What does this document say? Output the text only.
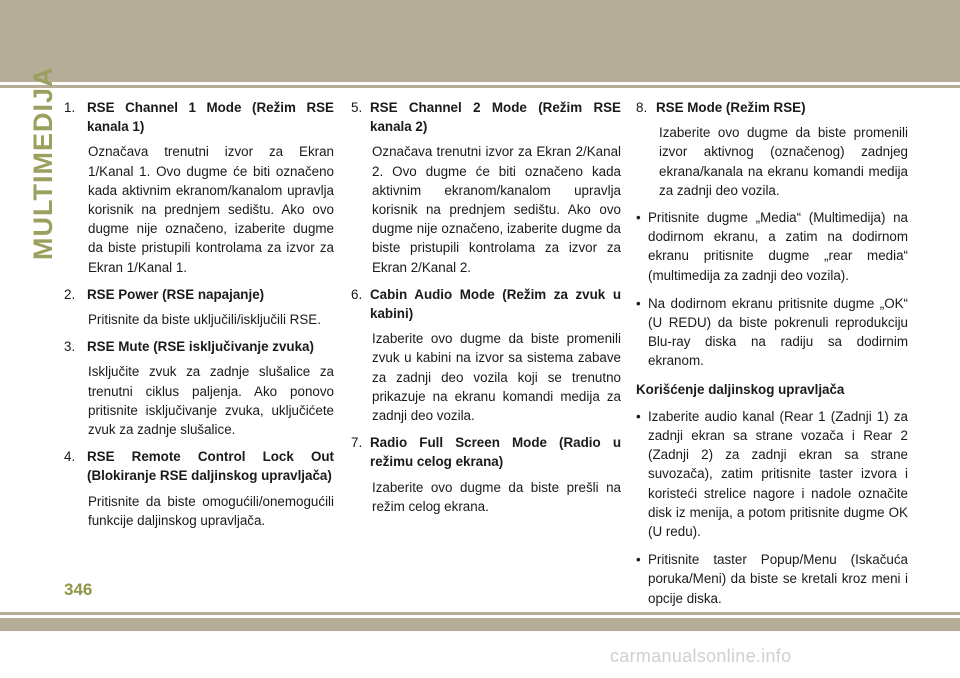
MULTIMEDIJA 1. RSE Channel 1 Mode (Režim RSE kanala 1)
Označava trenutni izvor za Ekran 1/Kanal 1. Ovo dugme će biti označeno kada aktivnim ekranom/kanalom upravlja korisnik na prednjem sedištu. Ako ovo dugme nije označeno, izaberite dugme da biste pristupili kontrolama za izvor za Ekran 1/Kanal 1.
2. RSE Power (RSE napajanje)
Pritisnite da biste uključili/isključili RSE.
3. RSE Mute (RSE isključivanje zvuka)
Isključite zvuk za zadnje slušalice za trenutni ciklus paljenja. Ako ponovo pritisnite isključivanje zvuka, uključićete zvuk za zadnje slušalice.
4. RSE Remote Control Lock Out (Blokiranje RSE daljinskog upravljača)
Pritisnite da biste omogućili/onemogućili funkcije daljinskog upravljača.
5. RSE Channel 2 Mode (Režim RSE kanala 2)
Označava trenutni izvor za Ekran 2/Kanal 2. Ovo dugme će biti označeno kada aktivnim ekranom/kanalom upravlja korisnik na prednjem sedištu. Ako ovo dugme nije označeno, izaberite dugme da biste pristupili kontrolama za izvor za Ekran 2/Kanal 2.
6. Cabin Audio Mode (Režim za zvuk u kabini)
Izaberite ovo dugme da biste promenili zvuk u kabini na izvor sa sistema zabave za zadnji deo vozila koji se trenutno prikazuje na ekranu komandi medija za zadnji deo vozila.
7. Radio Full Screen Mode (Radio u režimu celog ekrana)
Izaberite ovo dugme da biste prešli na režim celog ekrana.
8. RSE Mode (Režim RSE)
Izaberite ovo dugme da biste promenili izvor aktivnog (označenog) zadnjeg ekrana/kanala na ekranu komandi medija za zadnji deo vozila.
• Pritisnite dugme „Media“ (Multimedija) na dodirnom ekranu, a zatim na dodirnom ekranu pritisnite dugme „rear media“ (multimedija za zadnji deo vozila).
• Na dodirnom ekranu pritisnite dugme „OK“ (U REDU) da biste pokrenuli reprodukciju Blu-ray diska na radiju sa dodirnim ekranom.
Korišćenje daljinskog upravljača
• Izaberite audio kanal (Rear 1 (Zadnji 1) za zadnji ekran sa strane vozača i Rear 2 (Zadnji 2) za zadnji ekran sa strane suvozača), zatim pritisnite taster izvora i koristeći strelice nagore i nadole označite disk iz menija, a potom pritisnite dugme OK (U redu).
• Pritisnite taster Popup/Menu (Iskačuća poruka/Meni) da biste se kretali kroz meni i opcije diska.
346
carmanualsonline.info
